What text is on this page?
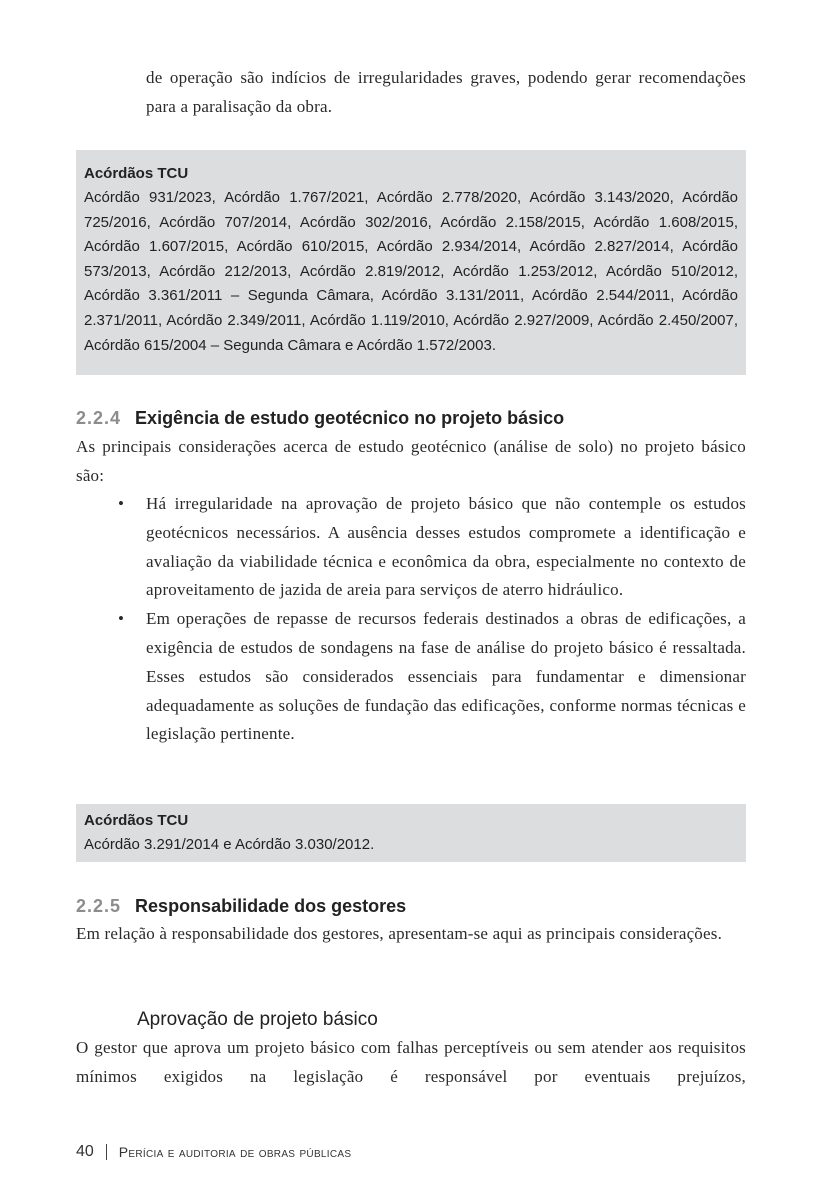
de operação são indícios de irregularidades graves, podendo gerar recomendações para a paralisação da obra.

Acórdãos TCU
Acórdão 931/2023, Acórdão 1.767/2021, Acórdão 2.778/2020, Acórdão 3.143/2020, Acórdão 725/2016, Acórdão 707/2014, Acórdão 302/2016, Acórdão 2.158/2015, Acórdão 1.608/2015, Acórdão 1.607/2015, Acórdão 610/2015, Acórdão 2.934/2014, Acórdão 2.827/2014, Acórdão 573/2013, Acórdão 212/2013, Acórdão 2.819/2012, Acórdão 1.253/2012, Acórdão 510/2012, Acórdão 3.361/2011 – Segunda Câmara, Acórdão 3.131/2011, Acórdão 2.544/2011, Acórdão 2.371/2011, Acórdão 2.349/2011, Acórdão 1.119/2010, Acórdão 2.927/2009, Acórdão 2.450/2007, Acórdão 615/2004 – Segunda Câmara e Acórdão 1.572/2003.
2.2.4 Exigência de estudo geotécnico no projeto básico

As principais considerações acerca de estudo geotécnico (análise de solo) no projeto básico são:

• Há irregularidade na aprovação de projeto básico que não contemple os estudos geotécnicos necessários. A ausência desses estudos compromete a identificação e avaliação da viabilidade técnica e econômica da obra, especialmente no contexto de aproveitamento de jazida de areia para serviços de aterro hidráulico.
• Em operações de repasse de recursos federais destinados a obras de edificações, a exigência de estudos de sondagens na fase de análise do projeto básico é ressaltada. Esses estudos são considerados essenciais para fundamentar e dimensionar adequadamente as soluções de fundação das edificações, conforme normas técnicas e legislação pertinente.
Acórdãos TCU
Acórdão 3.291/2014 e Acórdão 3.030/2012.
2.2.5 Responsabilidade dos gestores

Em relação à responsabilidade dos gestores, apresentam-se aqui as principais considerações.

Aprovação de projeto básico

O gestor que aprova um projeto básico com falhas perceptíveis ou sem atender aos requisitos mínimos exigidos na legislação é responsável por eventuais prejuízos,

40 Perícia e auditoria de obras públicas
